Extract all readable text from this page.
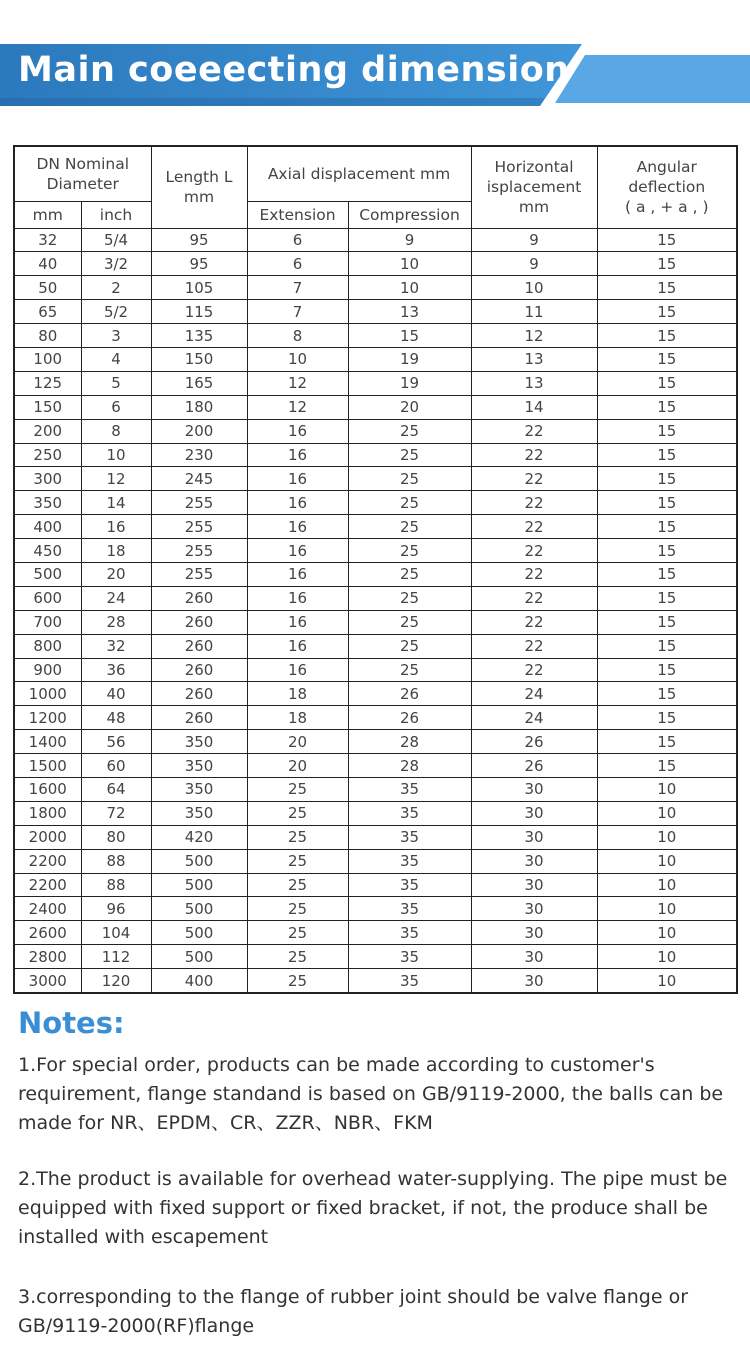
Main coeeecting dimension
DN Nominal Diameter		Length L mm	Axial displacement mm		Horizontal isplacement mm	Angular deflection
( a , + a , )

mm	inch		Extension	Compression		
32	5/4	95	6	9	9	15
40	3/2	95	6	10	9	15
50	2	105	7	10	10	15
65	5/2	115	7	13	11	15
80	3	135	8	15	12	15
100	4	150	10	19	13	15
125	5	165	12	19	13	15
150	6	180	12	20	14	15
200	8	200	16	25	22	15
250	10	230	16	25	22	15
300	12	245	16	25	22	15
350	14	255	16	25	22	15
400	16	255	16	25	22	15
450	18	255	16	25	22	15
500	20	255	16	25	22	15
600	24	260	16	25	22	15
700	28	260	16	25	22	15
800	32	260	16	25	22	15
900	36	260	16	25	22	15
1000	40	260	18	26	24	15
1200	48	260	18	26	24	15
1400	56	350	20	28	26	15
1500	60	350	20	28	26	15
1600	64	350	25	35	30	10
1800	72	350	25	35	30	10
2000	80	420	25	35	30	10
2200	88	500	25	35	30	10
2200	88	500	25	35	30	10
2400	96	500	25	35	30	10
2600	104	500	25	35	30	10
2800	112	500	25	35	30	10
3000	120	400	25	35	30	10
Notes:
1.For special order, products can be made according to customer's requirement, flange standand is based on GB/9119-2000, the balls can be made for NR、EPDM、CR、ZZR、NBR、FKM
2.The product is available for overhead water-supplying. The pipe must be equipped with fixed support or fixed bracket, if not, the produce shall be installed with escapement
3.corresponding to the flange of rubber joint should be valve flange or GB/9119-2000(RF)flange
